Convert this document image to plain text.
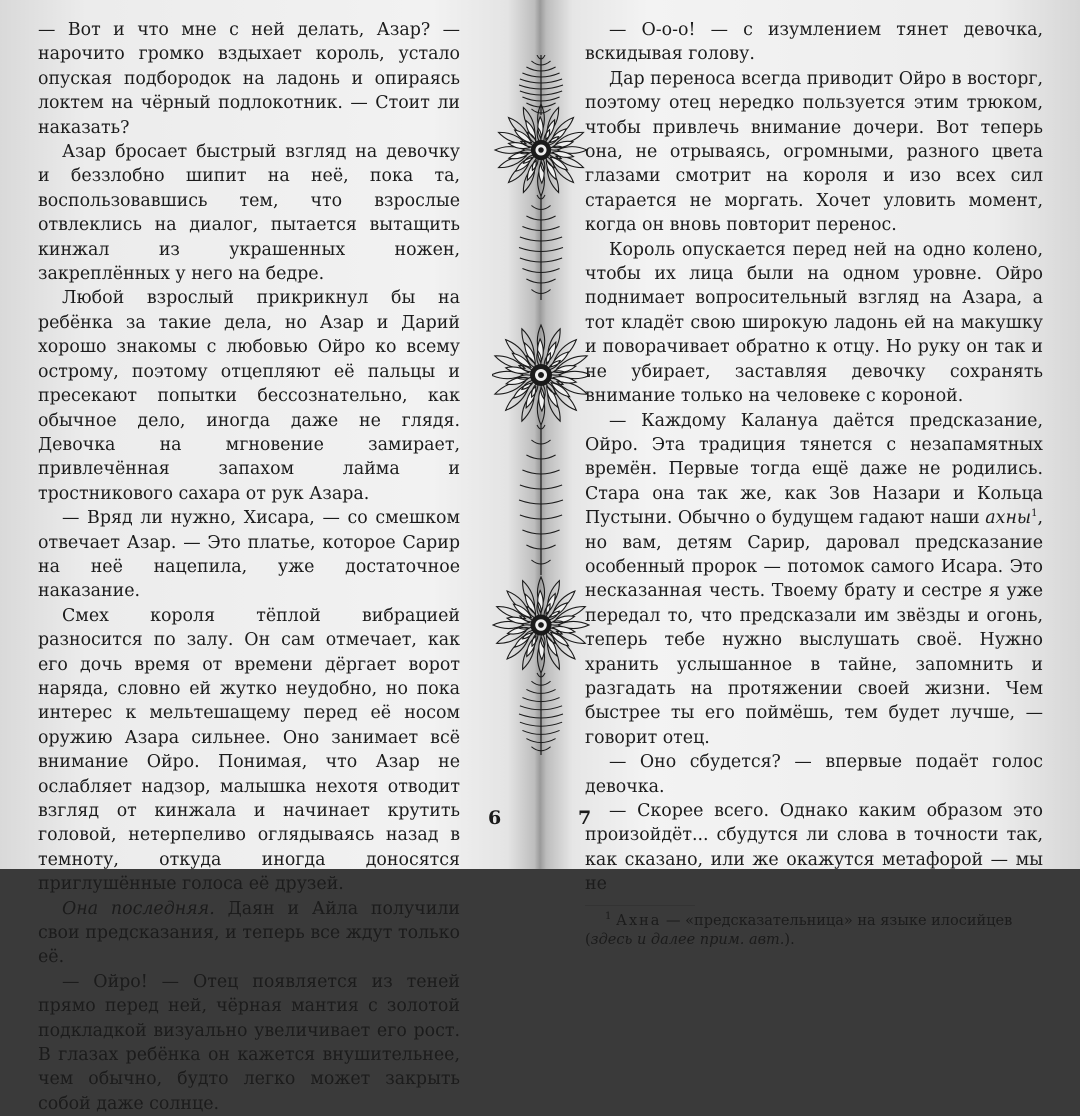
— Вот и что мне с ней делать, Азар? — нарочито громко вздыхает король, устало опуская подбородок на ладонь и опираясь локтем на чёрный подлокотник. — Стоит ли наказать?

Азар бросает быстрый взгляд на девочку и беззлобно шипит на неё, пока та, воспользовавшись тем, что взрослые отвлеклись на диалог, пытается вытащить кинжал из украшенных ножен, закреплённых у него на бедре.

Любой взрослый прикрикнул бы на ребёнка за такие дела, но Азар и Дарий хорошо знакомы с любовью Ойро ко всему острому, поэтому отцепляют её пальцы и пресекают попытки бессознательно, как обычное дело, иногда даже не глядя. Девочка на мгновение замирает, привлечённая запахом лайма и тростникового сахара от рук Азара.

— Вряд ли нужно, Хисара, — со смешком отвечает Азар. — Это платье, которое Сарир на неё нацепила, уже достаточное наказание.

Смех короля тёплой вибрацией разносится по залу. Он сам отмечает, как его дочь время от времени дёргает ворот наряда, словно ей жутко неудобно, но пока интерес к мельтешащему перед её носом оружию Азара сильнее. Оно занимает всё внимание Ойро. Понимая, что Азар не ослабляет надзор, малышка нехотя отводит взгляд от кинжала и начинает крутить головой, нетерпеливо оглядываясь назад в темноту, откуда иногда доносятся приглушённые голоса её друзей.

Она последняя. Даян и Айла получили свои предсказания, и теперь все ждут только её.

— Ойро! — Отец появляется из теней прямо перед ней, чёрная мантия с золотой подкладкой визуально увеличивает его рост. В глазах ребёнка он кажется внушительнее, чем обычно, будто легко может закрыть собой даже солнце.

— О-о-о! — с изумлением тянет девочка, вскидывая голову.

Дар переноса всегда приводит Ойро в восторг, поэтому отец нередко пользуется этим трюком, чтобы привлечь внимание дочери. Вот теперь она, не отрываясь, огромными, разного цвета глазами смотрит на короля и изо всех сил старается не моргать. Хочет уловить момент, когда он вновь повторит перенос.

Король опускается перед ней на одно колено, чтобы их лица были на одном уровне. Ойро поднимает вопросительный взгляд на Азара, а тот кладёт свою широкую ладонь ей на макушку и поворачивает обратно к отцу. Но руку он так и не убирает, заставляя девочку сохранять внимание только на человеке с короной.

— Каждому Калануа даётся предсказание, Ойро. Эта традиция тянется с незапамятных времён. Первые тогда ещё даже не родились. Стара она так же, как Зов Назари и Кольца Пустыни. Обычно о будущем гадают наши ахны$^1$, но вам, детям Сарир, даровал предсказание особенный пророк — потомок самого Исара. Это несказанная честь. Твоему брату и сестре я уже передал то, что предсказали им звёзды и огонь, теперь тебе нужно выслушать своё. Нужно хранить услышанное в тайне, запомнить и разгадать на протяжении своей жизни. Чем быстрее ты его поймёшь, тем будет лучше, — говорит отец.

— Оно сбудется? — впервые подаёт голос девочка.

— Скорее всего. Однако каким образом это произойдёт... сбудутся ли слова в точности так, как сказано, или же окажутся метафорой — мы не

$^1$ Ахна — «предсказательница» на языке илосийцев (здесь и далее прим. авт.).

6	7
